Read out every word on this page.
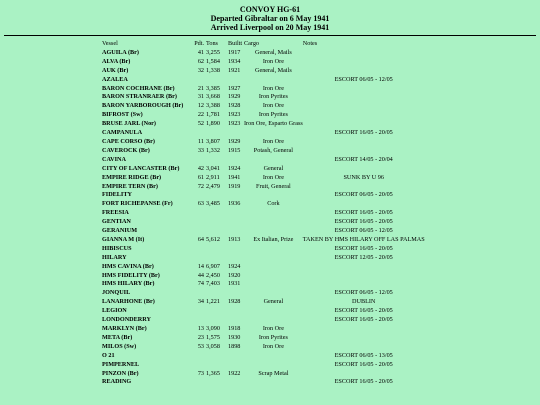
CONVOY HG-61
Departed Gibraltar on 6 May 1941
Arrived Liverpool on 20 May 1941
Vessel	Pdt.	Tons	Builtt	Cargo	Notes
AGUILA (Br)	41	3,255	1917	General, Mails	
ALVA (Br)	62	1,584	1934	Iron Ore	
AUK (Br)	32	1,338	1921	General, Mails	
AZALEA					ESCORT 06/05 - 12/05
BARON COCHRANE (Br)	21	3,385	1927	Iron Ore	
BARON STRANRAER (Br)	31	3,668	1929	Iron Pyrites	
BARON YARBOROUGH (Br)	12	3,388	1928	Iron Ore	
BIFROST (Sw)	22	1,781	1923	Iron Pyrites	
BRUSE JARL (Nor)	52	1,890	1923	Iron Ore, Esparto Grass	
CAMPANULA					ESCORT 16/05 - 20/05
CAPE CORSO (Br)	11	3,807	1929	Iron Ore	
CAVEROCK (Br)	33	1,332	1915	Potash, General	
CAVINA					ESCORT 14/05 - 20/04
CITY OF LANCASTER (Br)	42	3,041	1924	General	
EMPIRE RIDGE (Br)	61	2,911	1941	Iron Ore	SUNK BY U 96
EMPIRE TERN (Br)	72	2,479	1919	Fruit, General	
FIDELITY					ESCORT 06/05 - 20/05
FORT RICHEPANSE (Fr)	63	3,485	1936	Cork	
FREESIA					ESCORT 16/05 - 20/05
GENTIAN					ESCORT 16/05 - 20/05
GERANIUM					ESCORT 06/05 - 12/05
GIANNA M (It)	64	5,612	1913	Ex Italian, Prize	TAKEN BY HMS HILARY OFF LAS PALMAS
HIBISCUS					ESCORT 16/05 - 20/05
HILARY					ESCORT 12/05 - 20/05
HMS CAVINA (Br)	14	6,907	1924		
HMS FIDELITY (Br)	44	2,450	1920		
HMS HILARY (Br)	74	7,403	1931		
JONQUIL					ESCORT 06/05 - 12/05
LANARHONE (Br)	34	1,221	1928	General	DUBLIN
LEGION					ESCORT 16/05 - 20/05
LONDONDERRY					ESCORT 16/05 - 20/05
MARKLYN (Br)	13	3,090	1918	Iron Ore	
META (Br)	23	1,575	1930	Iron Pyrites	
MILOS (Sw)	53	3,058	1898	Iron Ore	
O 21					ESCORT 06/05 - 13/05
PIMPERNEL					ESCORT 16/05 - 20/05
PINZON (Br)	73	1,365	1922	Scrap Metal	
READING					ESCORT 16/05 - 20/05
